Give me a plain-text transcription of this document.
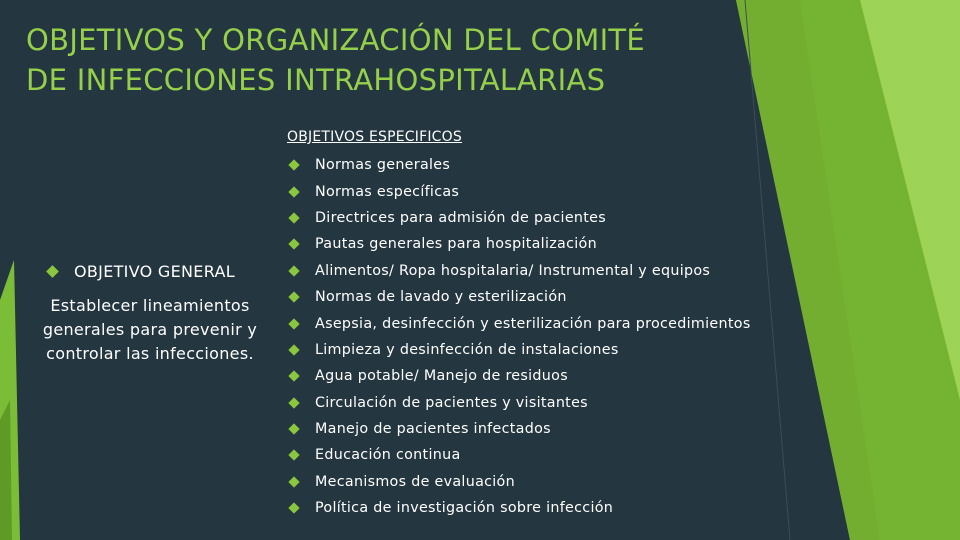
OBJETIVOS Y ORGANIZACIÓN DEL COMITÉ
DE INFECCIONES INTRAHOSPITALARIAS
OBJETIVO GENERAL
Establecer lineamientos generales para prevenir y controlar las infecciones.
OBJETIVOS ESPECIFICOS
Normas generales
Normas específicas
Directrices para admisión de pacientes
Pautas generales para hospitalización
Alimentos/ Ropa hospitalaria/ Instrumental y equipos
Normas de lavado y esterilización
Asepsia, desinfección y esterilización para procedimientos
Limpieza y desinfección de instalaciones
Agua potable/ Manejo de residuos
Circulación de pacientes y visitantes
Manejo de pacientes infectados
Educación continua
Mecanismos de evaluación
Política de investigación sobre infección
